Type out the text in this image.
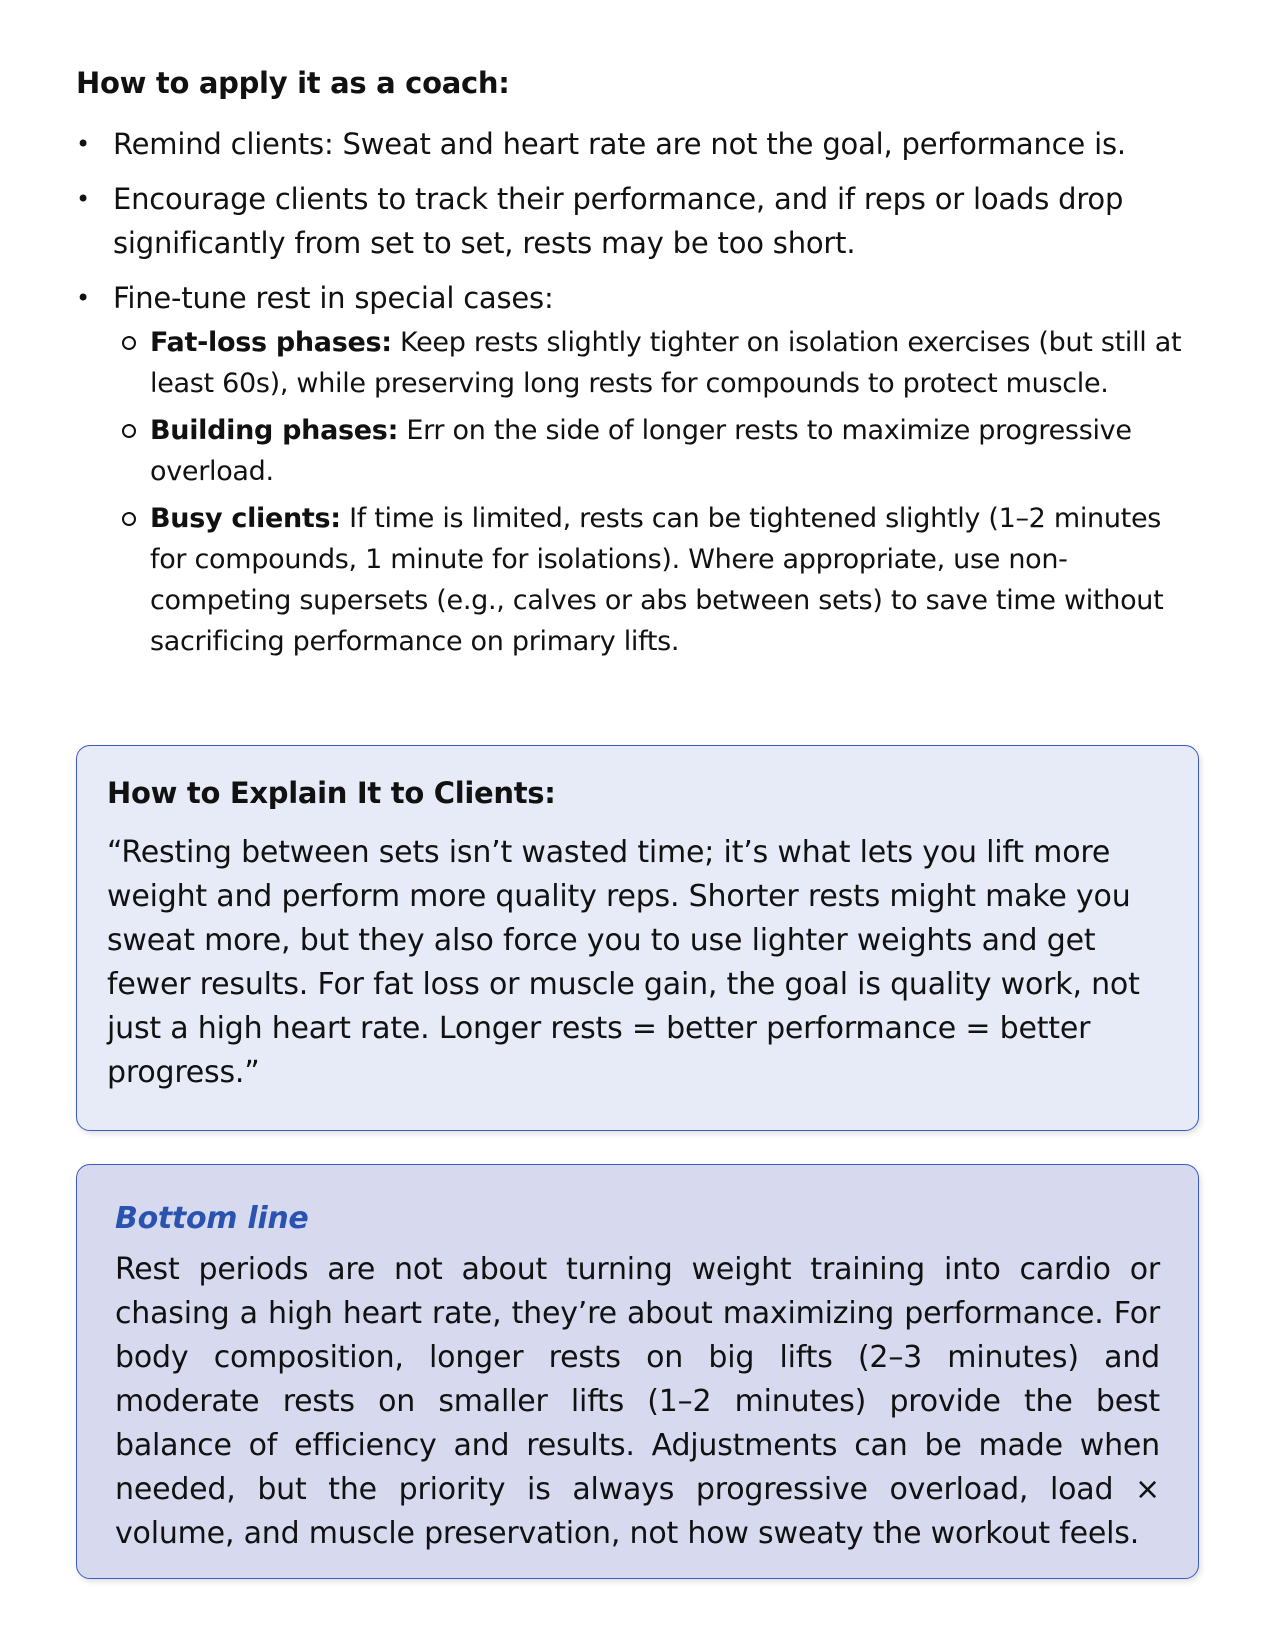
How to apply it as a coach:
• Remind clients: Sweat and heart rate are not the goal, performance is.
• Encourage clients to track their performance, and if reps or loads drop significantly from set to set, rests may be too short.
• Fine-tune rest in special cases:
Fat-loss phases: Keep rests slightly tighter on isolation exercises (but still at least 60s), while preserving long rests for compounds to protect muscle.
Building phases: Err on the side of longer rests to maximize progressive overload.
Busy clients: If time is limited, rests can be tightened slightly (1–2 minutes for compounds, 1 minute for isolations). Where appropriate, use non-competing supersets (e.g., calves or abs between sets) to save time without sacrificing performance on primary lifts.
How to Explain It to Clients:
“Resting between sets isn’t wasted time; it’s what lets you lift more weight and perform more quality reps. Shorter rests might make you sweat more, but they also force you to use lighter weights and get fewer results. For fat loss or muscle gain, the goal is quality work, not just a high heart rate. Longer rests = better performance = better progress.”
Bottom line
Rest periods are not about turning weight training into cardio or chasing a high heart rate, they’re about maximizing performance. For body composition, longer rests on big lifts (2–3 minutes) and moderate rests on smaller lifts (1–2 minutes) provide the best balance of efficiency and results. Adjustments can be made when needed, but the priority is always progressive overload, load × volume, and muscle preservation, not how sweaty the workout feels.
